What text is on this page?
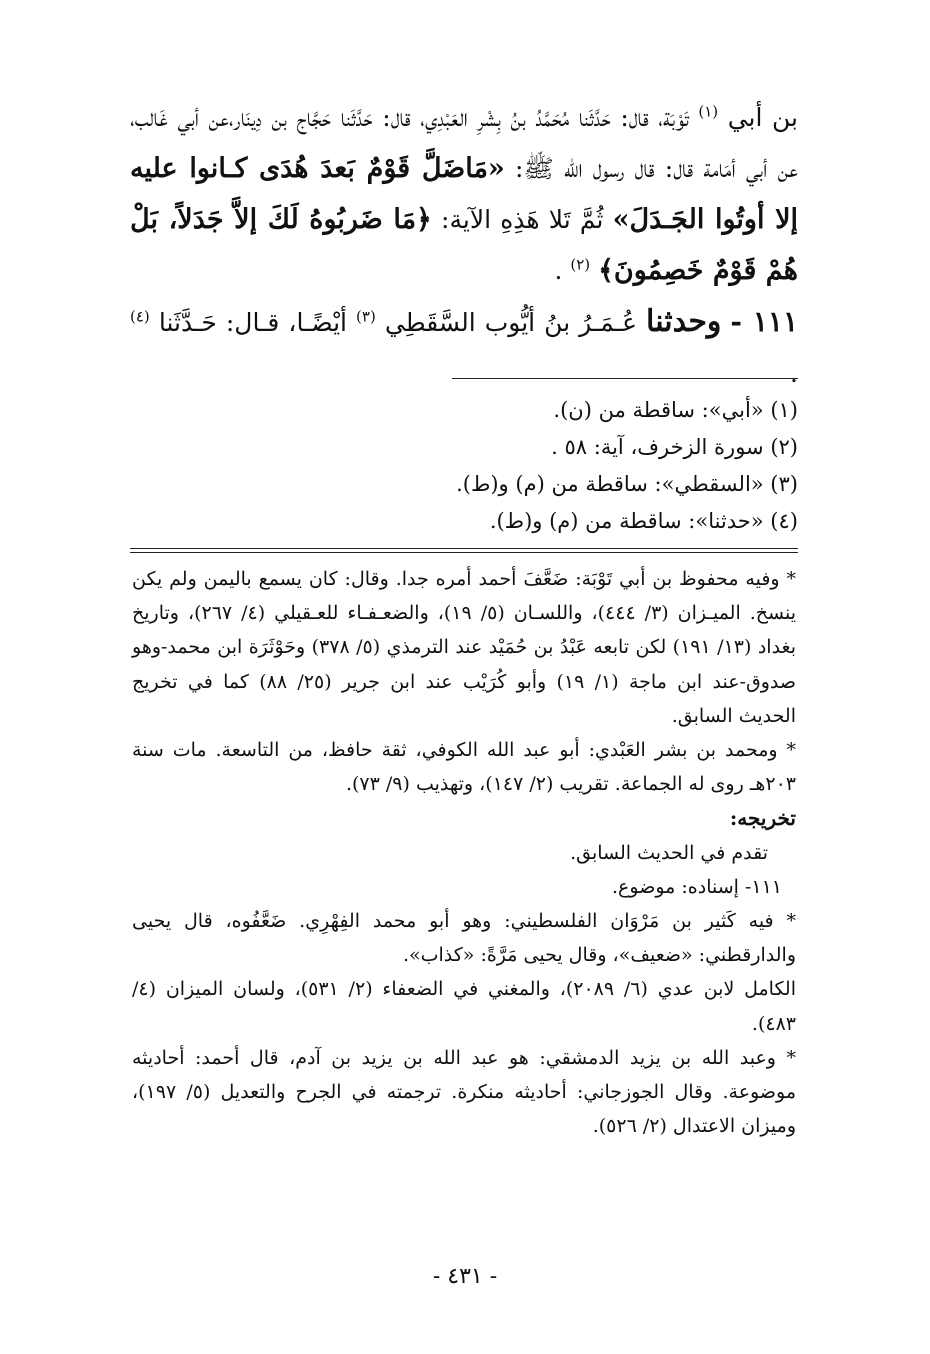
بن أبي $^{(١)}$ تَوْبَة، قال: حَدَّثَنا مُحَمَّدُ بنُ بِشْرِ العَبْدِي، قال: حَدَّثَنا حَجَّاج بن دِينَار،عن أبي غَالب، عن أبي أمَامة قال: قال رسول الله ﷺ: «مَاضَلَّ قَوْمٌ بَعدَ هُدَى كـانوا عليه إلا أوتُوا الجَـدَلَ» ثُمَّ تَلا هَذِهِ الآية: ﴿مَا ضَربُوهُ لَكَ إلاَّ جَدَلاً، بَلْ هُمْ قَوْمٌ خَصِمُونَ﴾ $^{(٢)}$ .

١١١ - وحدثنا عُـمَـرُ بنُ أيُّوب السَّقَطِي $^{(٣)}$ أيْضًـا، قـال: حَـدَّثَنا $^{(٤)}$ .

(١) «أبي»: ساقطة من (ن).
(٢) سورة الزخرف، آية: ٥٨ .
(٣) «السقطي»: ساقطة من (م) و(ط).
(٤) «حدثنا»: ساقطة من (م) و(ط).

* وفيه محفوظ بن أبي تَوْبَة: ضَعَّفَ أحمد أمره جدا. وقال: كان يسمع باليمن ولم يكن ينسخ. الميـزان (٣/ ٤٤٤)، واللسـان (٥/ ١٩)، والضعـفـاء للعـقيلي (٤/ ٢٦٧)، وتاريخ بغداد (١٣/ ١٩١) لكن تابعه عَبْدُ بن حُمَيْد عند الترمذي (٥/ ٣٧٨) وحَوْثَرَة ابن محمد-وهو صدوق-عند ابن ماجة (١/ ١٩) وأبو كُرَيْب عند ابن جرير (٢٥/ ٨٨) كما في تخريج الحديث السابق.

* ومحمد بن بشر العَبْدي: أبو عبد الله الكوفي، ثقة حافظ، من التاسعة. مات سنة ٢٠٣هـ روى له الجماعة. تقريب (٢/ ١٤٧)، وتهذيب (٩/ ٧٣).

تخريجه:

تقدم في الحديث السابق.

١١١- إسناده: موضوع.

* فيه كَثير بن مَرْوَان الفلسطيني: وهو أبو محمد الفِهْرِي. ضَعَّفُوه، قال يحيى والدارقطني: «ضعيف»، وقال يحيى مَرَّةً: «كذاب».

الكامل لابن عدي (٦/ ٢٠٨٩)، والمغني في الضعفاء (٢/ ٥٣١)، ولسان الميزان (٤/ ٤٨٣).

* وعبد الله بن يزيد الدمشقي: هو عبد الله بن يزيد بن آدم، قال أحمد: أحاديثه موضوعة. وقال الجوزجاني: أحاديثه منكرة. ترجمته في الجرح والتعديل (٥/ ١٩٧)، وميزان الاعتدال (٢/ ٥٢٦).

- ٤٣١ -
